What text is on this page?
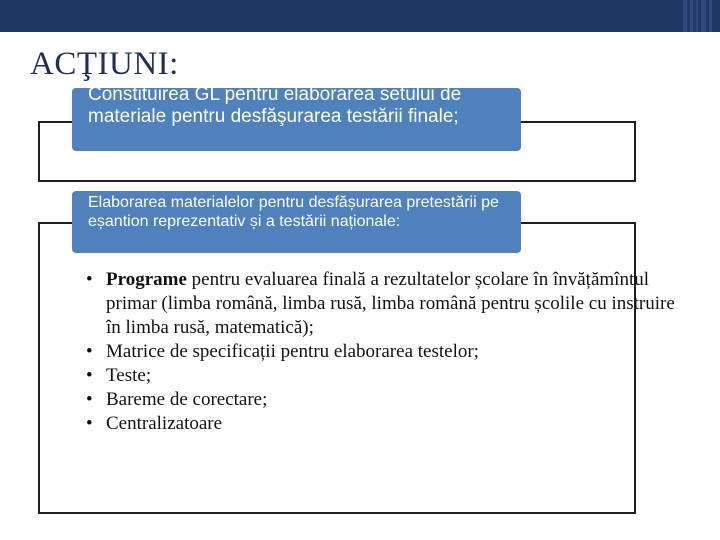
ACŢIUNI:
Constituirea GL pentru elaborarea setului de materiale pentru desfăşurarea testării finale;
Elaborarea materialelor pentru desfășurarea pretestării pe eșantion reprezentativ și a testării naționale:
• Programe pentru evaluarea finală a rezultatelor școlare în învățămîntul primar (limba română, limba rusă, limba română pentru școlile cu instruire în limba rusă, matematică);
• Matrice de specificații pentru elaborarea testelor;
• Teste;
• Bareme de corectare;
• Centralizatoare
